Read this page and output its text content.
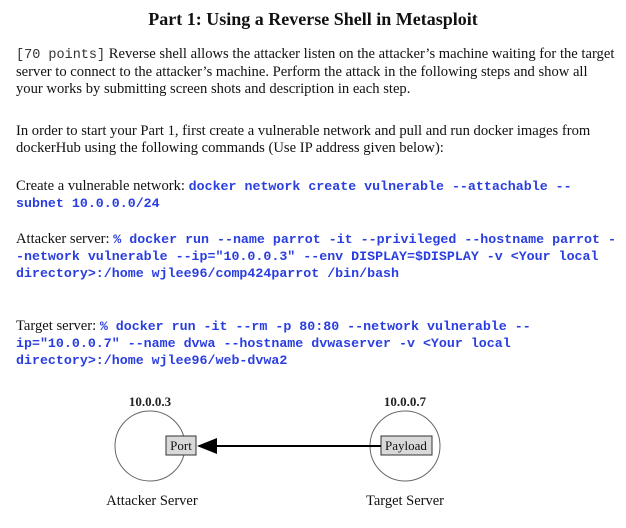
Part 1: Using a Reverse Shell in Metasploit
[70 points] Reverse shell allows the attacker listen on the attacker’s machine waiting for the target server to connect to the attacker’s machine. Perform the attack in the following steps and show all your works by submitting screen shots and description in each step.
In order to start your Part 1, first create a vulnerable network and pull and run docker images from dockerHub using the following commands (Use IP address given below):
Create a vulnerable network: docker network create vulnerable --attachable --subnet 10.0.0.0/24
Attacker server: % docker run --name parrot -it --privileged --hostname parrot --network vulnerable --ip="10.0.0.3" --env DISPLAY=$DISPLAY -v <Your local directory>:/home wjlee96/comp424parrot /bin/bash
Target server: % docker run -it --rm -p 80:80 --network vulnerable --ip="10.0.0.7" --name dvwa --hostname dvwaserver -v <Your local directory>:/home wjlee96/web-dvwa2
10.0.0.3	10.0.0.7
Port	Payload
Attacker Server	Target Server
